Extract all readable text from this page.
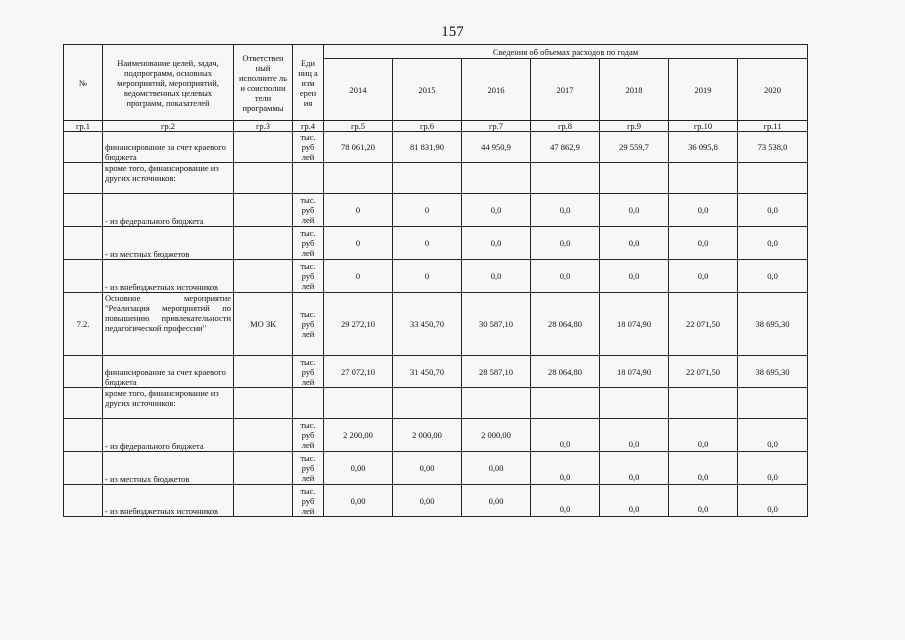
157
№	Наименование целей, задач, подпрограмм, основных мероприятий, мероприятий, ведомственных целевых программ, показателей	Ответствен ный исполните ль и соисполни тели программы	Еди ниц а изм ерен ия	Сведения об объемах расходов по годам						
				2014	2015	2016	2017	2018	2019	2020
гр.1	гр.2	гр.3	гр.4	гр.5	гр.6	гр.7	гр.8	гр.9	гр.10	гр.11
	финансирование за счет краевого бюджета		тыс. руб лей	78 061,20	81 831,90	44 950,9	47 862,9	29 559,7	36 095,8	73 538,0
	кроме того, финансирование из других источников:									
	- из федерального бюджета		тыс. руб лей	0	0	0,0	0,0	0,0	0,0	0,0
	- из местных бюджетов		тыс. руб лей	0	0	0,0	0,0	0,0	0,0	0,0
	- из внебюджетных источников		тыс. руб лей	0	0	0,0	0,0	0,0	0,0	0,0
7.2.	Основное мероприятие "Реализация мероприятий по повышению привлекательности педагогической профессии"	МО ЗК	тыс. руб лей	29 272,10	33 450,70	30 587,10	28 064,80	18 074,90	22 071,50	38 695,30
	финансирование за счет краевого бюджета		тыс. руб лей	27 072,10	31 450,70	28 587,10	28 064,80	18 074,90	22 071,50	38 695,30
	кроме того, финансирование из других источников:									
	- из федерального бюджета		тыс. руб лей	2 200,00	2 000,00	2 000,00	0,0	0,0	0,0	0,0
	- из местных бюджетов		тыс. руб лей	0,00	0,00	0,00	0,0	0,0	0,0	0,0
	- из внебюджетных источников		тыс. руб лей	0,00	0,00	0,00	0,0	0,0	0,0	0,0
